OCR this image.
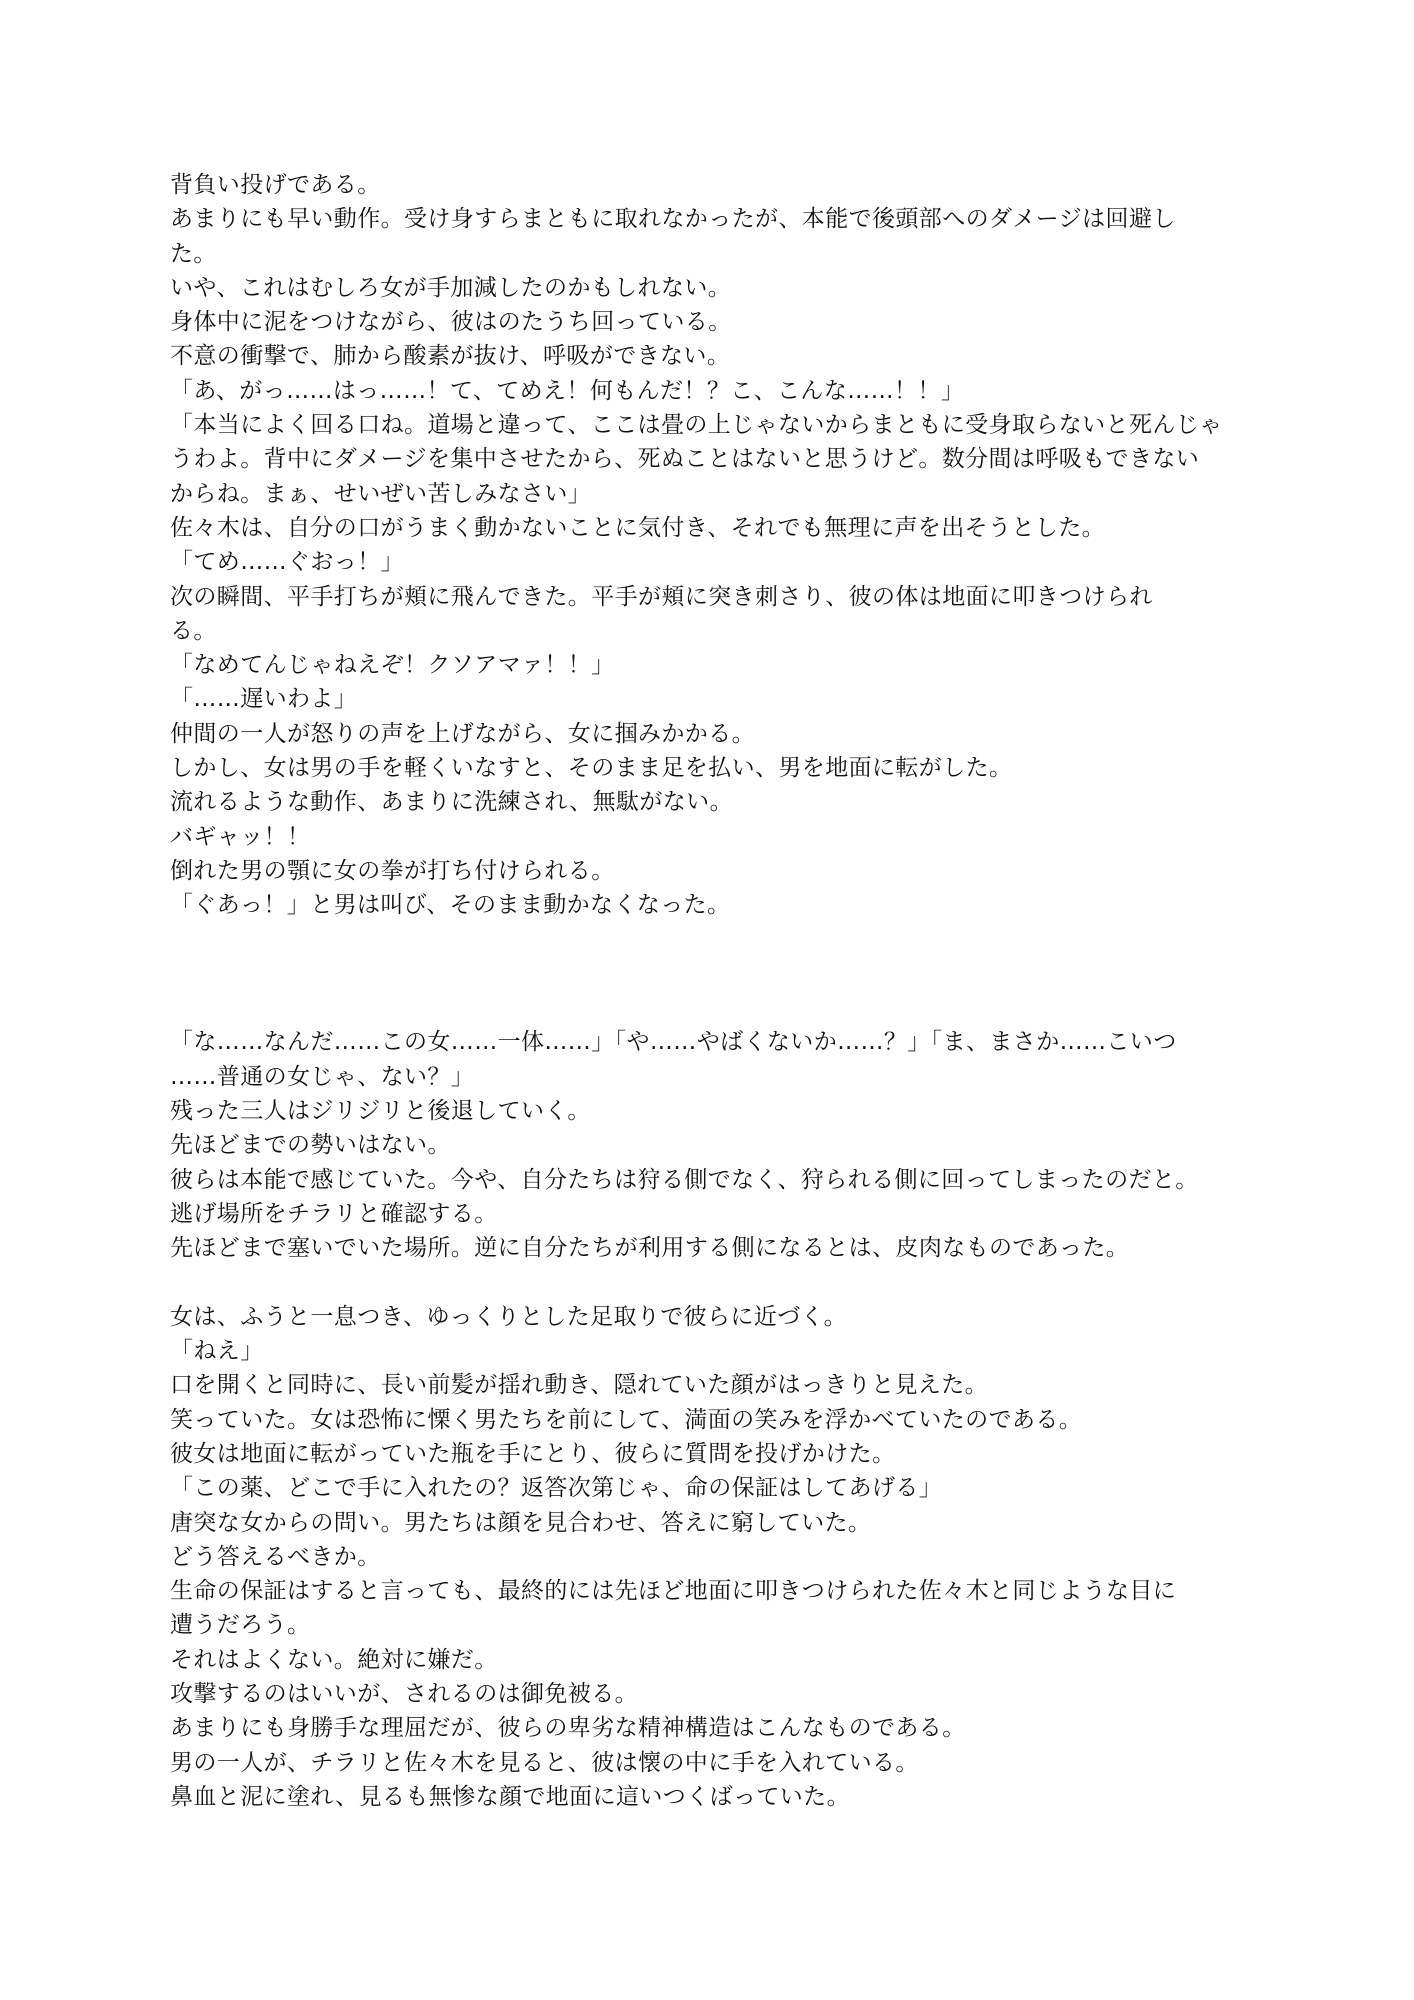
背負い投げである。
あまりにも早い動作。受け身すらまともに取れなかったが、本能で後頭部へのダメージは回避し
た。
いや、これはむしろ女が手加減したのかもしれない。
身体中に泥をつけながら、彼はのたうち回っている。
不意の衝撃で、肺から酸素が抜け、呼吸ができない。
「あ、がっ……はっ……！て、てめえ！何もんだ！？こ、こんな……！！」
「本当によく回る口ね。道場と違って、ここは畳の上じゃないからまともに受身取らないと死んじゃ
うわよ。背中にダメージを集中させたから、死ぬことはないと思うけど。数分間は呼吸もできない
からね。まぁ、せいぜい苦しみなさい」
佐々木は、自分の口がうまく動かないことに気付き、それでも無理に声を出そうとした。
「てめ……ぐおっ！」
次の瞬間、平手打ちが頬に飛んできた。平手が頬に突き刺さり、彼の体は地面に叩きつけられ
る。
「なめてんじゃねえぞ！クソアマァ！！」
「……遅いわよ」
仲間の一人が怒りの声を上げながら、女に掴みかかる。
しかし、女は男の手を軽くいなすと、そのまま足を払い、男を地面に転がした。
流れるような動作、あまりに洗練され、無駄がない。
バギャッ！！
倒れた男の顎に女の拳が打ち付けられる。
「ぐあっ！」と男は叫び、そのまま動かなくなった。
「な……なんだ……この女……一体……」「や……やばくないか……？」「ま、まさか……こいつ
……普通の女じゃ、ない？」
残った三人はジリジリと後退していく。
先ほどまでの勢いはない。
彼らは本能で感じていた。今や、自分たちは狩る側でなく、狩られる側に回ってしまったのだと。
逃げ場所をチラリと確認する。
先ほどまで塞いでいた場所。逆に自分たちが利用する側になるとは、皮肉なものであった。
女は、ふうと一息つき、ゆっくりとした足取りで彼らに近づく。
「ねえ」
口を開くと同時に、長い前髪が揺れ動き、隠れていた顔がはっきりと見えた。
笑っていた。女は恐怖に慄く男たちを前にして、満面の笑みを浮かべていたのである。
彼女は地面に転がっていた瓶を手にとり、彼らに質問を投げかけた。
「この薬、どこで手に入れたの？返答次第じゃ、命の保証はしてあげる」
唐突な女からの問い。男たちは顔を見合わせ、答えに窮していた。
どう答えるべきか。
生命の保証はすると言っても、最終的には先ほど地面に叩きつけられた佐々木と同じような目に
遭うだろう。
それはよくない。絶対に嫌だ。
攻撃するのはいいが、されるのは御免被る。
あまりにも身勝手な理屈だが、彼らの卑劣な精神構造はこんなものである。
男の一人が、チラリと佐々木を見ると、彼は懐の中に手を入れている。
鼻血と泥に塗れ、見るも無惨な顔で地面に這いつくばっていた。
